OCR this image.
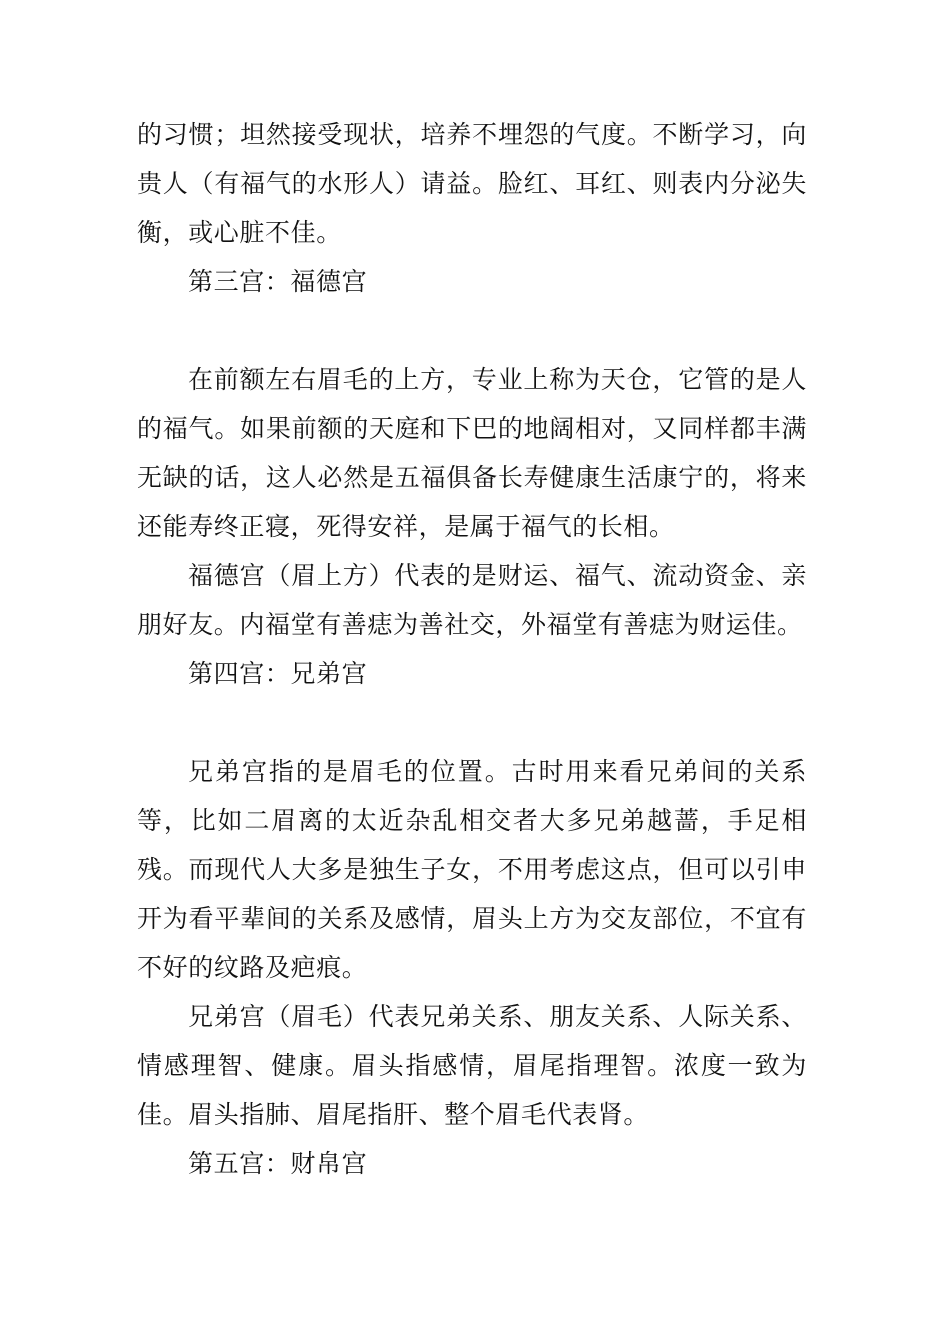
的习惯；坦然接受现状，培养不埋怨的气度。不断学习，向贵人（有福气的水形人）请益。脸红、耳红、则表内分泌失衡，或心脏不佳。

第三宫：福德宫

在前额左右眉毛的上方，专业上称为天仓，它管的是人的福气。如果前额的天庭和下巴的地阔相对，又同样都丰满无缺的话，这人必然是五福俱备长寿健康生活康宁的，将来还能寿终正寝，死得安祥，是属于福气的长相。

福德宫（眉上方）代表的是财运、福气、流动资金、亲朋好友。内福堂有善痣为善社交，外福堂有善痣为财运佳。

第四宫：兄弟宫

兄弟宫指的是眉毛的位置。古时用来看兄弟间的关系等，比如二眉离的太近杂乱相交者大多兄弟越蔷，手足相残。而现代人大多是独生子女，不用考虑这点，但可以引申开为看平辈间的关系及感情，眉头上方为交友部位，不宜有不好的纹路及疤痕。

兄弟宫（眉毛）代表兄弟关系、朋友关系、人际关系、情感理智、健康。眉头指感情，眉尾指理智。浓度一致为佳。眉头指肺、眉尾指肝、整个眉毛代表肾。

第五宫：财帛宫
